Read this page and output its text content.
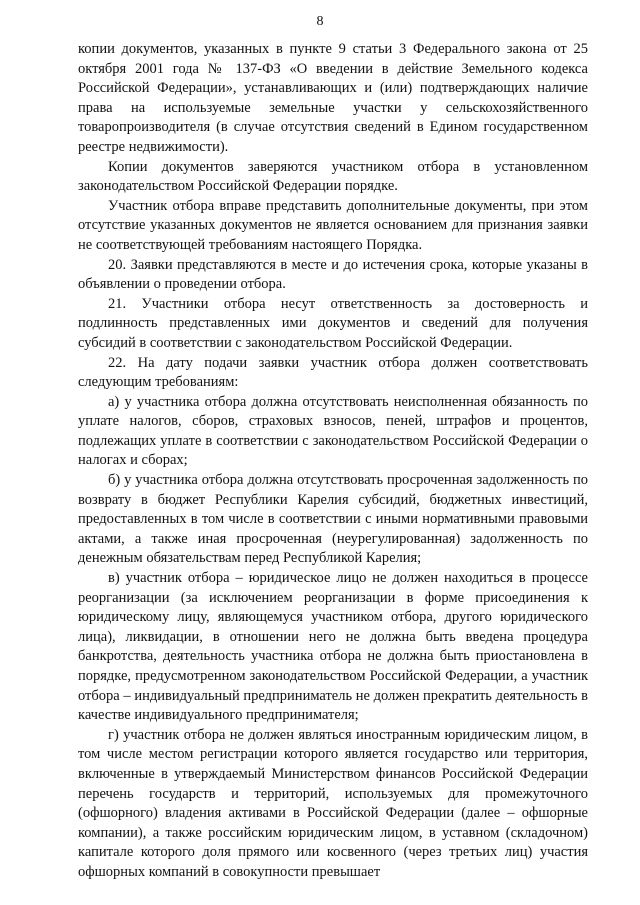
8

копии документов, указанных в пункте 9 статьи 3 Федерального закона от 25 октября 2001 года № 137-ФЗ «О введении в действие Земельного кодекса Российской Федерации», устанавливающих и (или) подтверждающих наличие права на используемые земельные участки у сельскохозяйственного товаропроизводителя (в случае отсутствия сведений в Едином государственном реестре недвижимости).

Копии документов заверяются участником отбора в установленном законодательством Российской Федерации порядке.

Участник отбора вправе представить дополнительные документы, при этом отсутствие указанных документов не является основанием для признания заявки не соответствующей требованиям настоящего Порядка.

20. Заявки представляются в месте и до истечения срока, которые указаны в объявлении о проведении отбора.

21. Участники отбора несут ответственность за достоверность и подлинность представленных ими документов и сведений для получения субсидий в соответствии с законодательством Российской Федерации.

22. На дату подачи заявки участник отбора должен соответствовать следующим требованиям:

а) у участника отбора должна отсутствовать неисполненная обязанность по уплате налогов, сборов, страховых взносов, пеней, штрафов и процентов, подлежащих уплате в соответствии с законодательством Российской Федерации о налогах и сборах;

б) у участника отбора должна отсутствовать просроченная задолженность по возврату в бюджет Республики Карелия субсидий, бюджетных инвестиций, предоставленных в том числе в соответствии с иными нормативными правовыми актами, а также иная просроченная (неурегулированная) задолженность по денежным обязательствам перед Республикой Карелия;

в) участник отбора – юридическое лицо не должен находиться в процессе реорганизации (за исключением реорганизации в форме присоединения к юридическому лицу, являющемуся участником отбора, другого юридического лица), ликвидации, в отношении него не должна быть введена процедура банкротства, деятельность участника отбора не должна быть приостановлена в порядке, предусмотренном законодательством Российской Федерации, а участник отбора – индивидуальный предприниматель не должен прекратить деятельность в качестве индивидуального предпринимателя;

г) участник отбора не должен являться иностранным юридическим лицом, в том числе местом регистрации которого является государство или территория, включенные в утверждаемый Министерством финансов Российской Федерации перечень государств и территорий, используемых для промежуточного (офшорного) владения активами в Российской Федерации (далее – офшорные компании), а также российским юридическим лицом, в уставном (складочном) капитале которого доля прямого или косвенного (через третьих лиц) участия офшорных компаний в совокупности превышает
